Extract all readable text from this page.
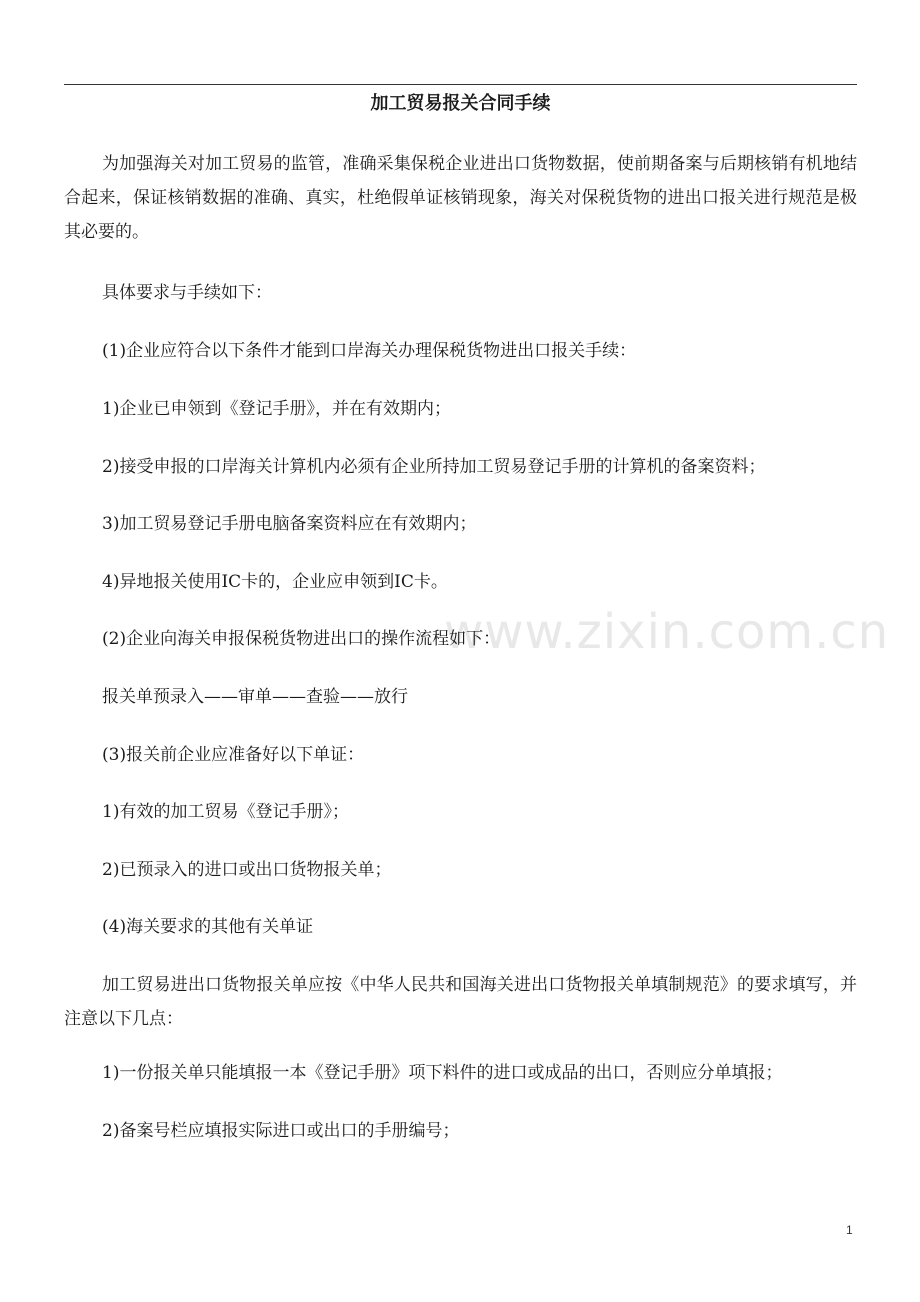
www.zixin.com.cn
加工贸易报关合同手续

为加强海关对加工贸易的监管，准确采集保税企业进出口货物数据，使前期备案与后期核销有机地结合起来，保证核销数据的准确、真实，杜绝假单证核销现象，海关对保税货物的进出口报关进行规范是极其必要的。

具体要求与手续如下：

(1)企业应符合以下条件才能到口岸海关办理保税货物进出口报关手续：

1)企业已申领到《登记手册》，并在有效期内；

2)接受申报的口岸海关计算机内必须有企业所持加工贸易登记手册的计算机的备案资料；

3)加工贸易登记手册电脑备案资料应在有效期内；

4)异地报关使用IC卡的，企业应申领到IC卡。

(2)企业向海关申报保税货物进出口的操作流程如下：

报关单预录入——审单——查验——放行

(3)报关前企业应准备好以下单证：

1)有效的加工贸易《登记手册》；

2)已预录入的进口或出口货物报关单；

(4)海关要求的其他有关单证

加工贸易进出口货物报关单应按《中华人民共和国海关进出口货物报关单填制规范》的要求填写，并注意以下几点：

1)一份报关单只能填报一本《登记手册》项下料件的进口或成品的出口，否则应分单填报；

2)备案号栏应填报实际进口或出口的手册编号；

1
